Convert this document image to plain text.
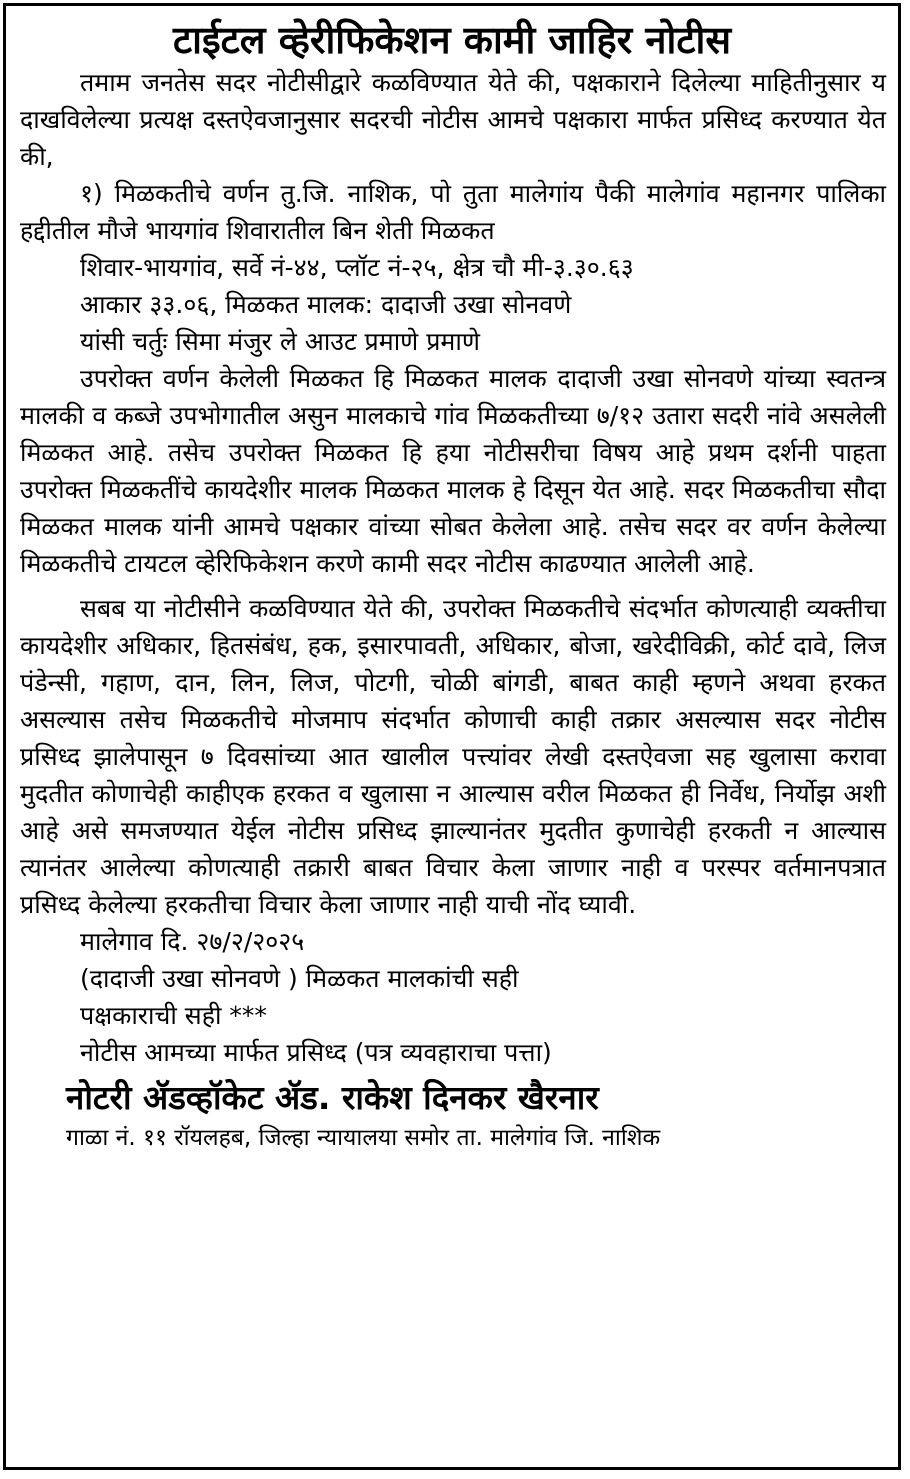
टाईटल व्हेरीफिकेशन कामी जाहिर नोटीस

तमाम जनतेस सदर नोटीसीद्वारे कळविण्यात येते की, पक्षकाराने दिलेल्या माहितीनुसार य दाखविलेल्या प्रत्यक्ष दस्तऐवजानुसार सदरची नोटीस आमचे पक्षकारा मार्फत प्रसिध्द करण्यात येत की,

१) मिळकतीचे वर्णन तु.जि. नाशिक, पो तुता मालेगांय पैकी मालेगांव महानगर पालिका हद्दीतील मौजे भायगांव शिवारातील बिन शेती मिळकत

शिवार-भायगांव, सर्वे नं-४४, प्लॉट नं-२५, क्षेत्र चौ मी-३.३०.६३
आकार ३३.०६, मिळकत मालक: दादाजी उखा सोनवणे
यांसी चर्तुः सिमा मंजुर ले आउट प्रमाणे प्रमाणे

उपरोक्त वर्णन केलेली मिळकत हि मिळकत मालक दादाजी उखा सोनवणे यांच्या स्वतन्त्र मालकी व कब्जे उपभोगातील असुन मालकाचे गांव मिळकतीच्या ७/१२ उतारा सदरी नांवे असलेली मिळकत आहे. तसेच उपरोक्त मिळकत हि हया नोटीसरीचा विषय आहे प्रथम दर्शनी पाहता उपरोक्त मिळकतींचे कायदेशीर मालक मिळकत मालक हे दिसून येत आहे. सदर मिळकतीचा सौदा मिळकत मालक यांनी आमचे पक्षकार वांच्या सोबत केलेला आहे. तसेच सदर वर वर्णन केलेल्या मिळकतीचे टायटल व्हेरिफिकेशन करणे कामी सदर नोटीस काढण्यात आलेली आहे.

सबब या नोटीसीने कळविण्यात येते की, उपरोक्त मिळकतीचे संदर्भात कोणत्याही व्यक्तीचा कायदेशीर अधिकार, हितसंबंध, हक, इसारपावती, अधिकार, बोजा, खरेदीविक्री, कोर्ट दावे, लिज पंडेन्सी, गहाण, दान, लिन, लिज, पोटगी, चोळी बांगडी, बाबत काही म्हणने अथवा हरकत असल्यास तसेच मिळकतीचे मोजमाप संदर्भात कोणाची काही तक्रार असल्यास सदर नोटीस प्रसिध्द झालेपासून ७ दिवसांच्या आत खालील पत्त्यांवर लेखी दस्तऐवजा सह खुलासा करावा मुदतीत कोणाचेही काहीएक हरकत व खुलासा न आल्यास वरील मिळकत ही निर्वेध, निर्योझ अशी आहे असे समजण्यात येईल नोटीस प्रसिध्द झाल्यानंतर मुदतीत कुणाचेही हरकती न आल्यास त्यानंतर आलेल्या कोणत्याही तक्रारी बाबत विचार केला जाणार नाही व परस्पर वर्तमानपत्रात प्रसिध्द केलेल्या हरकतीचा विचार केला जाणार नाही याची नोंद घ्यावी.

मालेगाव दि. २७/२/२०२५
(दादाजी उखा सोनवणे ) मिळकत मालकांची सही
पक्षकाराची सही ***
नोटीस आमच्या मार्फत प्रसिध्द (पत्र व्यवहाराचा पत्ता)
नोटरी ॲडव्हॉकेट ॲड. राकेश दिनकर खैरनार
गाळा नं. ११ रॉयलहब, जिल्हा न्यायालया समोर ता. मालेगांव जि. नाशिक
